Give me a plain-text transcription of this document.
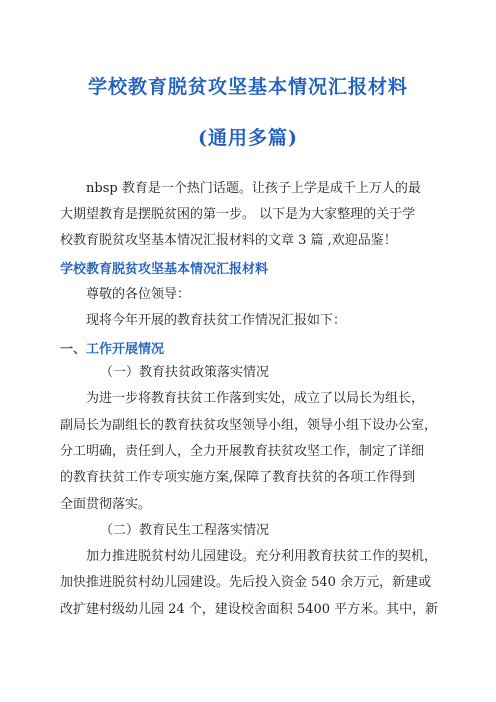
学校教育脱贫攻坚基本情况汇报材料
(通用多篇)
nbsp 教育是一个热门话题。让孩子上学是成千上万人的最
大期望教育是摆脱贫困的第一步。 以下是为大家整理的关于学
校教育脱贫攻坚基本情况汇报材料的文章 3 篇 ,欢迎品鉴！
学校教育脱贫攻坚基本情况汇报材料
尊敬的各位领导：
现将今年开展的教育扶贫工作情况汇报如下：
一、工作开展情况
（一）教育扶贫政策落实情况
为进一步将教育扶贫工作落到实处，成立了以局长为组长，
副局长为副组长的教育扶贫攻坚领导小组，领导小组下设办公室，
分工明确，责任到人，全力开展教育扶贫攻坚工作，制定了详细
的教育扶贫工作专项实施方案,保障了教育扶贫的各项工作得到
全面贯彻落实。
（二）教育民生工程落实情况
加力推进脱贫村幼儿园建设。充分利用教育扶贫工作的契机，
加快推进脱贫村幼儿园建设。先后投入资金 540 余万元，新建或
改扩建村级幼儿园 24 个，建设校舍面积 5400 平方米。其中，新
